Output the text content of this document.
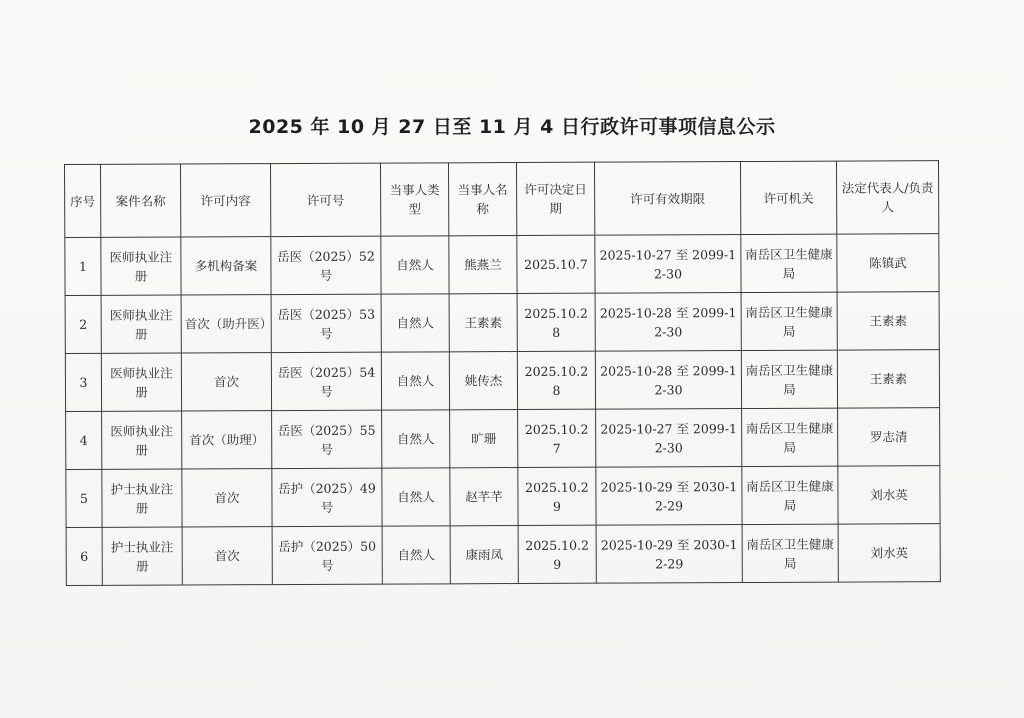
2025 年 10 月 27 日至 11 月 4 日行政许可事项信息公示
序号	案件名称	许可内容	许可号	当事人类型	当事人名称	许可决定日期	许可有效期限	许可机关	法定代表人/负责人
1	医师执业注册	多机构备案	岳医（2025）52号	自然人	熊燕兰	2025.10.7	2025-10-27 至 2099-12-30	南岳区卫生健康局	陈镇武
2	医师执业注册	首次（助升医）	岳医（2025）53号	自然人	王素素	2025.10.28	2025-10-28 至 2099-12-30	南岳区卫生健康局	王素素
3	医师执业注册	首次	岳医（2025）54号	自然人	姚传杰	2025.10.28	2025-10-28 至 2099-12-30	南岳区卫生健康局	王素素
4	医师执业注册	首次（助理）	岳医（2025）55号	自然人	旷珊	2025.10.27	2025-10-27 至 2099-12-30	南岳区卫生健康局	罗志清
5	护士执业注册	首次	岳护（2025）49号	自然人	赵芊芊	2025.10.29	2025-10-29 至 2030-12-29	南岳区卫生健康局	刘水英
6	护士执业注册	首次	岳护（2025）50号	自然人	康雨凤	2025.10.29	2025-10-29 至 2030-12-29	南岳区卫生健康局	刘水英
